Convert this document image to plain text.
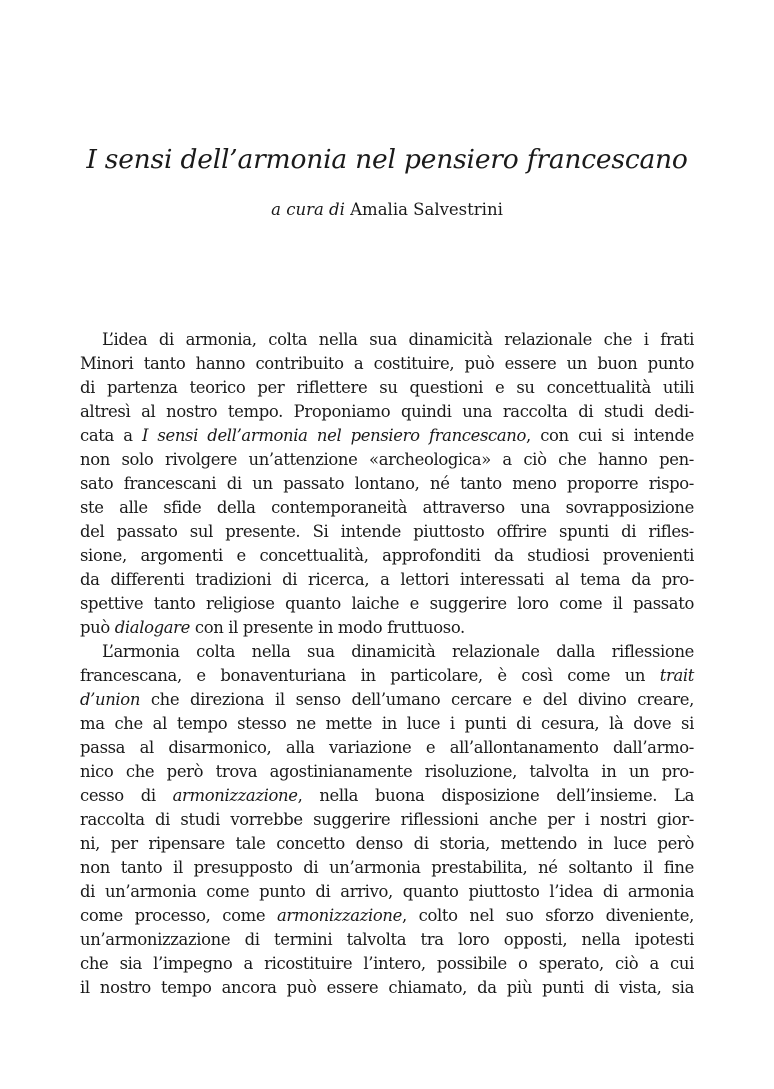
I sensi dell’armonia nel pensiero francescano
a cura di Amalia Salvestrini
L’idea di armonia, colta nella sua dinamicità relazionale che i frati
Minori tanto hanno contribuito a costituire, può essere un buon punto
di partenza teorico per riflettere su questioni e su concettualità utili
altresì al nostro tempo. Proponiamo quindi una raccolta di studi dedi-
cata a I sensi dell’armonia nel pensiero francescano, con cui si intende
non solo rivolgere un’attenzione «archeologica» a ciò che hanno pen-
sato francescani di un passato lontano, né tanto meno proporre rispo-
ste alle sfide della contemporaneità attraverso una sovrapposizione
del passato sul presente. Si intende piuttosto offrire spunti di rifles-
sione, argomenti e concettualità, approfonditi da studiosi provenienti
da differenti tradizioni di ricerca, a lettori interessati al tema da pro-
spettive tanto religiose quanto laiche e suggerire loro come il passato
può dialogare con il presente in modo fruttuoso.
L’armonia colta nella sua dinamicità relazionale dalla riflessione
francescana, e bonaventuriana in particolare, è così come un trait
d’union che direziona il senso dell’umano cercare e del divino creare,
ma che al tempo stesso ne mette in luce i punti di cesura, là dove si
passa al disarmonico, alla variazione e all’allontanamento dall’armo-
nico che però trova agostinianamente risoluzione, talvolta in un pro-
cesso di armonizzazione, nella buona disposizione dell’insieme. La
raccolta di studi vorrebbe suggerire riflessioni anche per i nostri gior-
ni, per ripensare tale concetto denso di storia, mettendo in luce però
non tanto il presupposto di un’armonia prestabilita, né soltanto il fine
di un’armonia come punto di arrivo, quanto piuttosto l’idea di armonia
come processo, come armonizzazione, colto nel suo sforzo diveniente,
un’armonizzazione di termini talvolta tra loro opposti, nella ipotesti
che sia l’impegno a ricostituire l’intero, possibile o sperato, ciò a cui
il nostro tempo ancora può essere chiamato, da più punti di vista, sia
